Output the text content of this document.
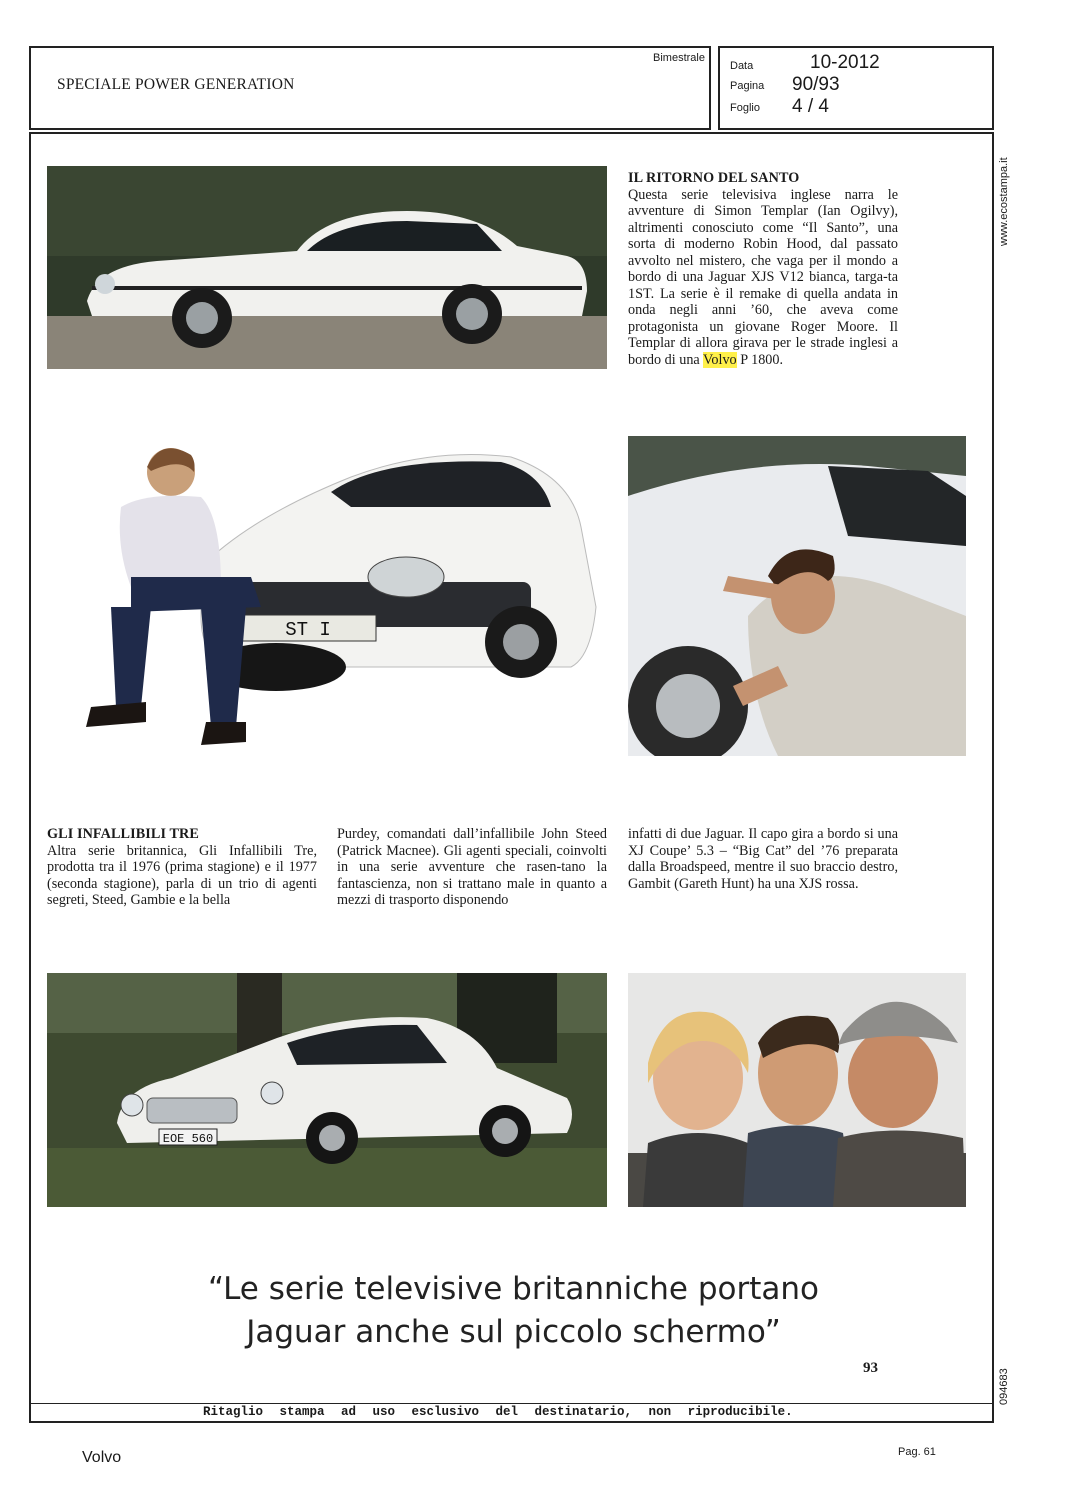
SPECIALE POWER GENERATION
Bimestrale
Data	10-2012
Pagina	90/93
Foglio	4 / 4
www.ecostampa.it
094683
IL RITORNO DEL SANTO

Questa serie televisiva inglese narra le avventure di Simon Templar (Ian Ogilvy), altrimenti conosciuto come “Il Santo”, una sorta di moderno Robin Hood, dal passato avvolto nel mistero, che vaga per il mondo a bordo di una Jaguar XJS V12 bianca, targa-ta 1ST. La serie è il remake di quella andata in onda negli anni ’60, che aveva come protagonista un giovane Roger Moore. Il Templar di allora girava per le strade inglesi a bordo di una Volvo P 1800.

ST I
GLI INFALLIBILI TRE

Altra serie britannica, Gli Infallibili Tre, prodotta tra il 1976 (prima stagione) e il 1977 (seconda stagione), parla di un trio di agenti segreti, Steed, Gambie e la bella

Purdey, comandati dall’infallibile John Steed (Patrick Macnee). Gli agenti speciali, coinvolti in una serie avventure che rasen-tano la fantascienza, non si trattano male in quanto a mezzi di trasporto disponendo

infatti di due Jaguar. Il capo gira a bordo si una XJ Coupe’ 5.3 – “Big Cat” del ’76 preparata dalla Broadspeed, mentre il suo braccio destro, Gambit (Gareth Hunt) ha una XJS rossa.

EOE 560
“Le serie televisive britanniche portano
Jaguar anche sul piccolo schermo”
93
Ritaglio stampa ad uso esclusivo del destinatario, non riproducibile.
Volvo	Pag. 61
